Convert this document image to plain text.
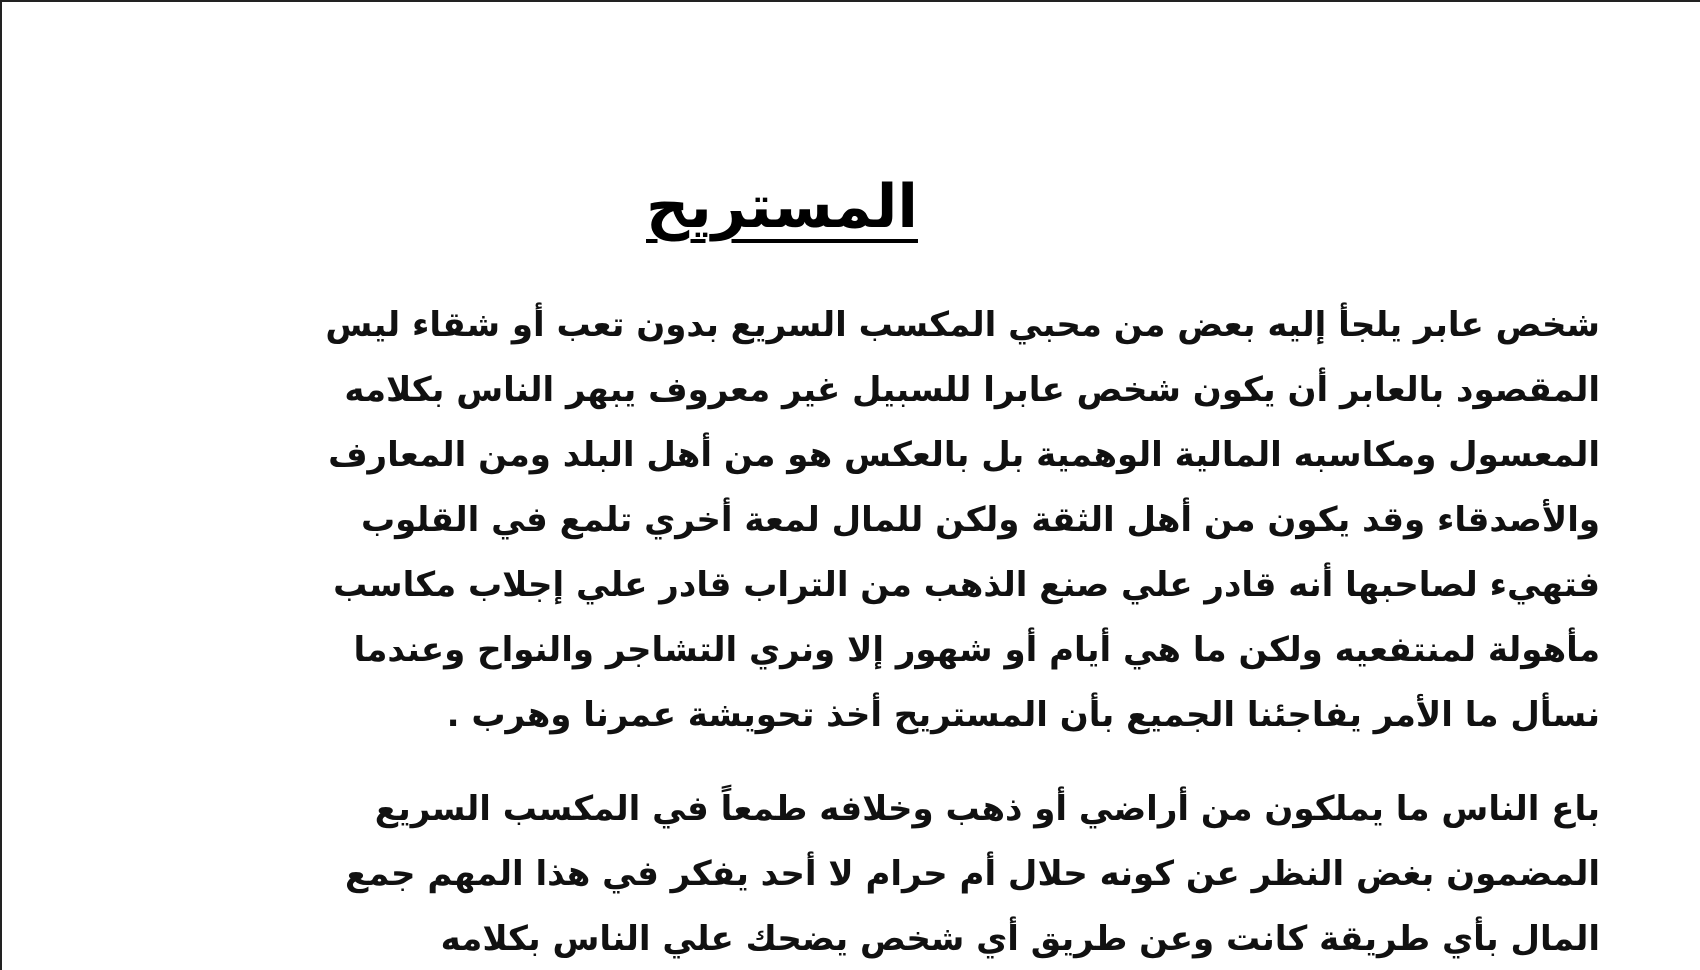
المستريح

شخص عابر يلجأ إليه بعض من محبي المكسب السريع بدون تعب أو شقاء ليس
المقصود بالعابر أن يكون شخص عابرا للسبيل غير معروف يبهر الناس بكلامه
المعسول ومكاسبه المالية الوهمية بل بالعكس هو من أهل البلد ومن المعارف
والأصدقاء وقد يكون من أهل الثقة ولكن للمال لمعة أخري تلمع في القلوب
فتهيء لصاحبها أنه قادر علي صنع الذهب من التراب قادر علي إجلاب مكاسب
مأهولة لمنتفعيه ولكن ما هي أيام أو شهور إلا ونري التشاجر والنواح وعندما
نسأل ما الأمر يفاجئنا الجميع بأن المستريح أخذ تحويشة عمرنا وهرب .

باع الناس ما يملكون من أراضي أو ذهب وخلافه طمعاً في المكسب السريع
المضمون بغض النظر عن كونه حلال أم حرام لا أحد يفكر في هذا المهم جمع
المال بأي طريقة كانت وعن طريق أي شخص يضحك علي الناس بكلامه
